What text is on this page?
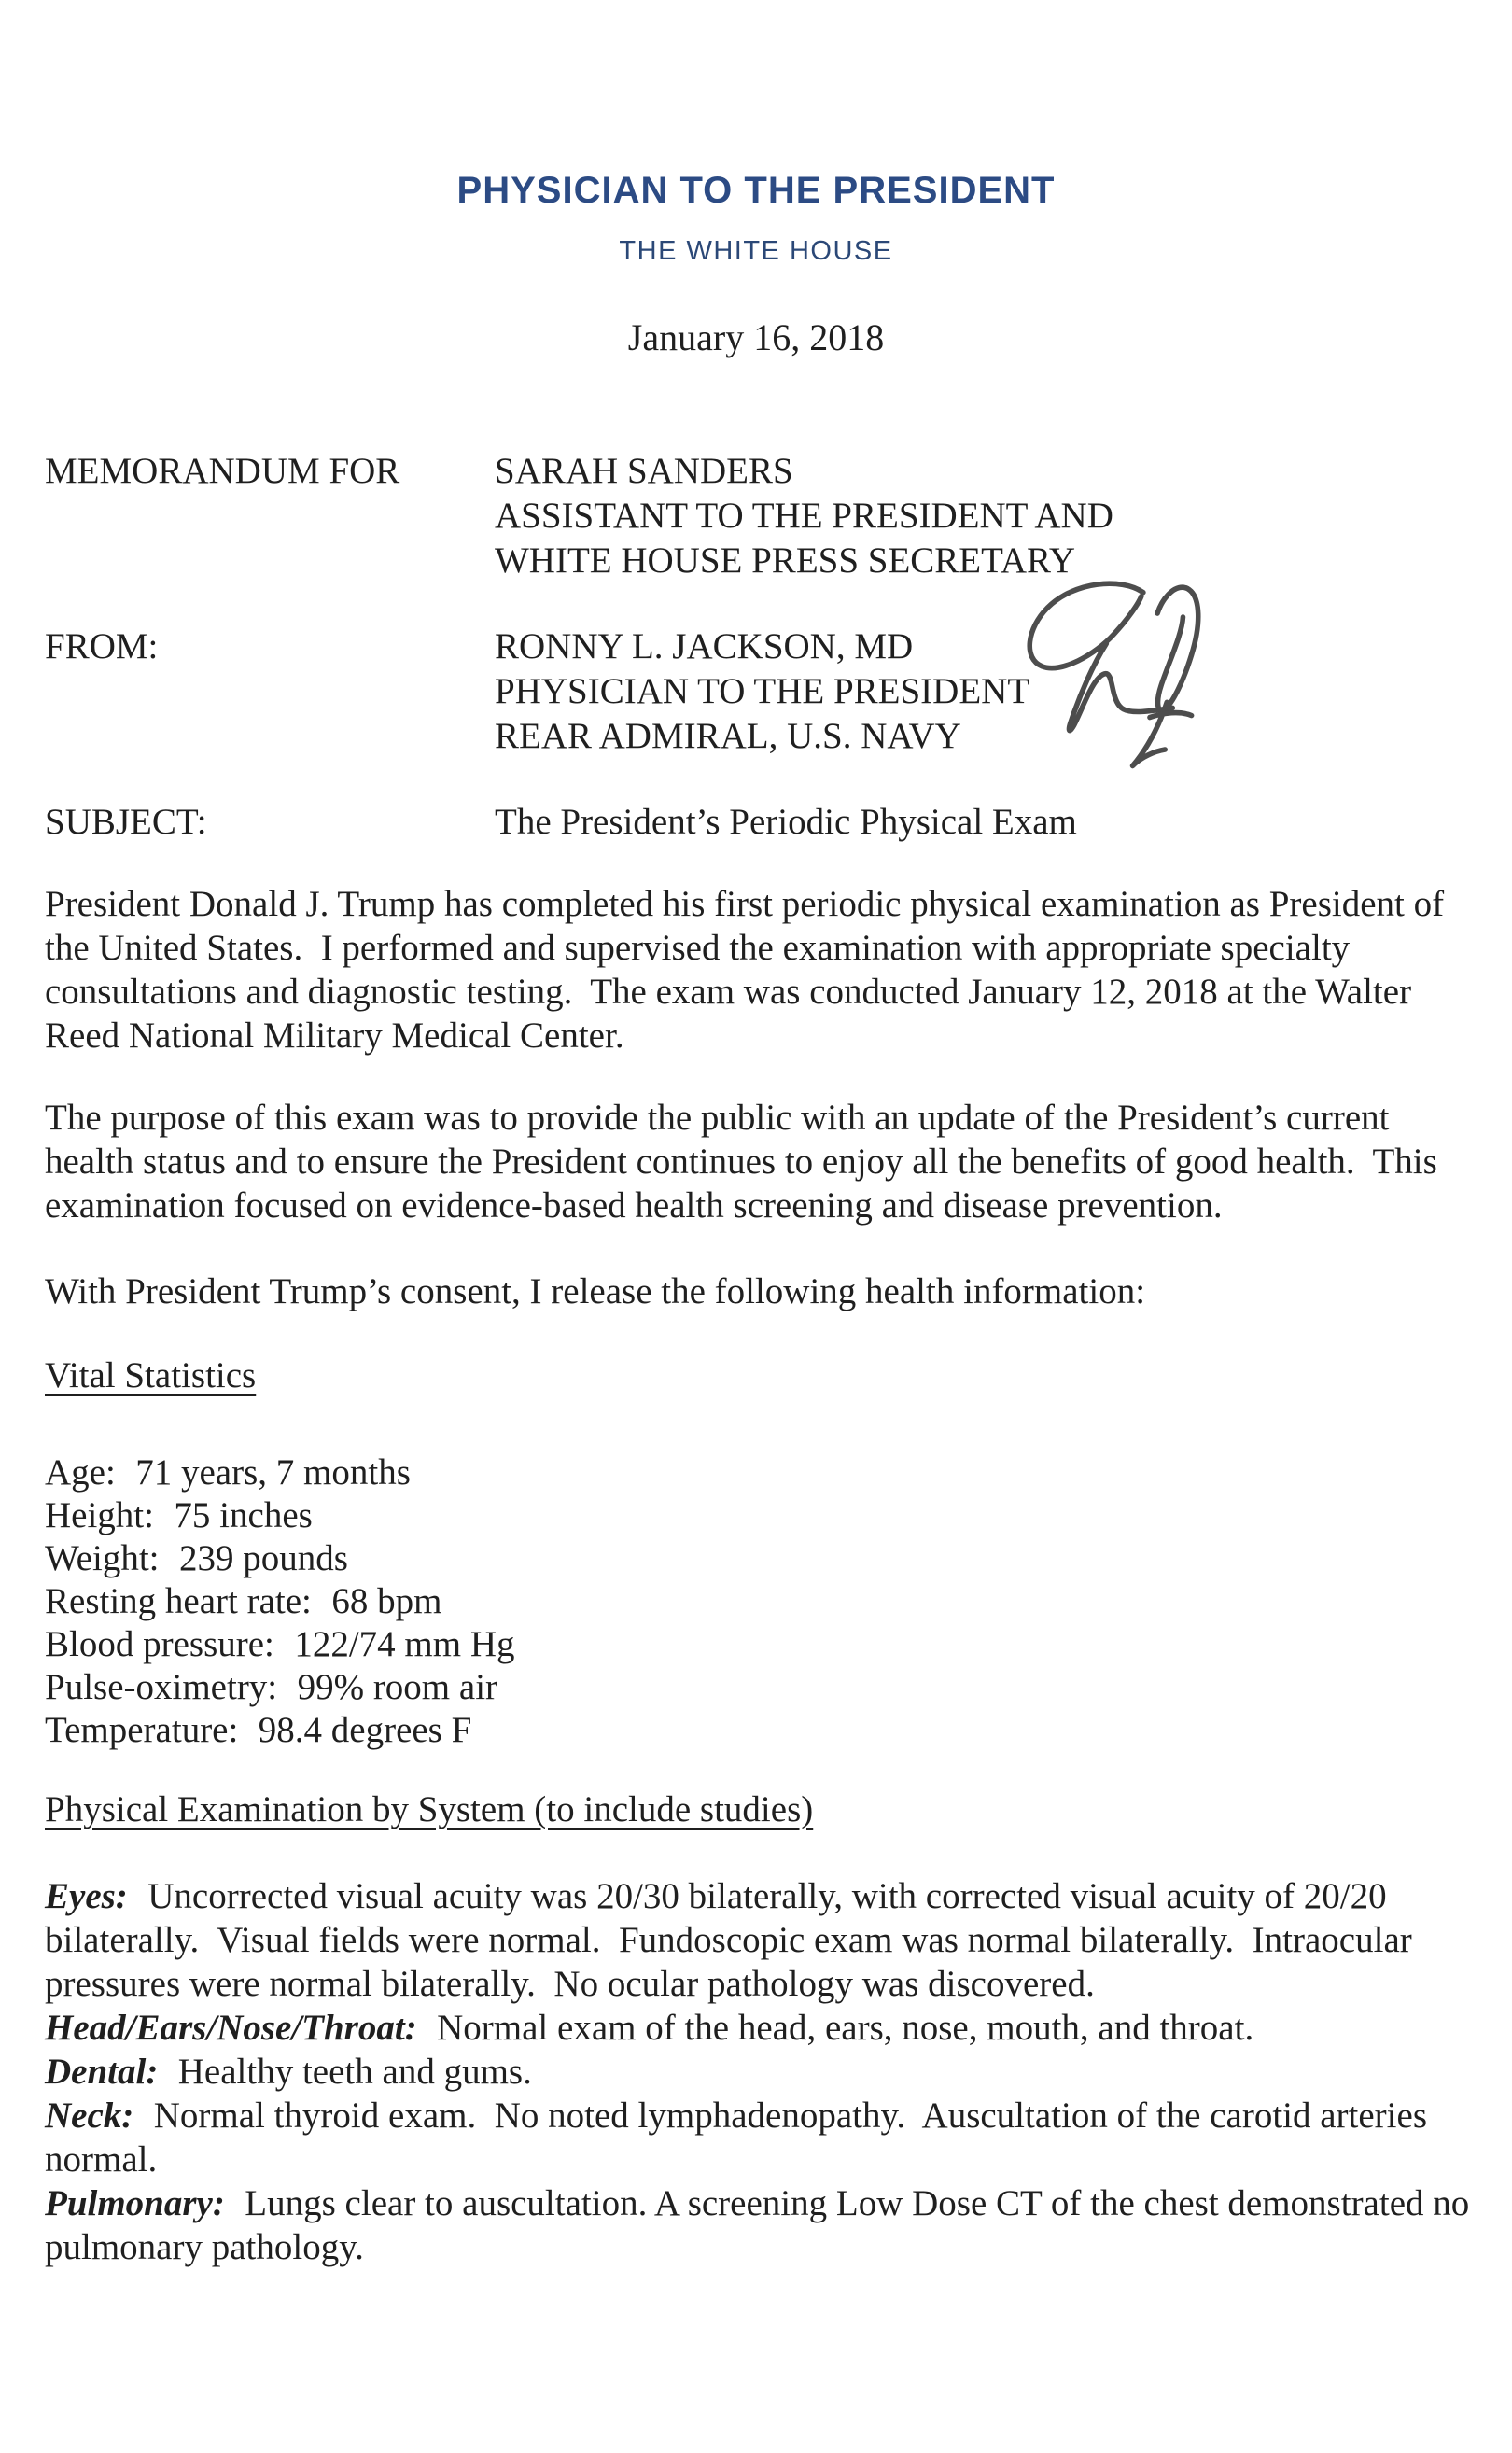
PHYSICIAN TO THE PRESIDENT
THE WHITE HOUSE
January 16, 2018
MEMORANDUM FOR	SARAH SANDERS
ASSISTANT TO THE PRESIDENT AND
WHITE HOUSE PRESS SECRETARY
FROM:	RONNY L. JACKSON, MD
PHYSICIAN TO THE PRESIDENT
REAR ADMIRAL, U.S. NAVY
SUBJECT:	The President’s Periodic Physical Exam

President Donald J. Trump has completed his first periodic physical examination as President of the United States.  I performed and supervised the examination with appropriate specialty consultations and diagnostic testing.  The exam was conducted January 12, 2018 at the Walter Reed National Military Medical Center.

The purpose of this exam was to provide the public with an update of the President’s current health status and to ensure the President continues to enjoy all the benefits of good health.  This examination focused on evidence-based health screening and disease prevention.

With President Trump’s consent, I release the following health information:

Vital Statistics
Age: 71 years, 7 months
Height: 75 inches
Weight: 239 pounds
Resting heart rate: 68 bpm
Blood pressure: 122/74 mm Hg
Pulse-oximetry: 99% room air
Temperature: 98.4 degrees F
Physical Examination by System (to include studies)

Eyes: Uncorrected visual acuity was 20/30 bilaterally, with corrected visual acuity of 20/20 bilaterally.  Visual fields were normal.  Fundoscopic exam was normal bilaterally.  Intraocular pressures were normal bilaterally.  No ocular pathology was discovered.

Head/Ears/Nose/Throat: Normal exam of the head, ears, nose, mouth, and throat.

Dental: Healthy teeth and gums.

Neck: Normal thyroid exam.  No noted lymphadenopathy.  Auscultation of the carotid arteries normal.

Pulmonary: Lungs clear to auscultation. A screening Low Dose CT of the chest demonstrated no pulmonary pathology.
